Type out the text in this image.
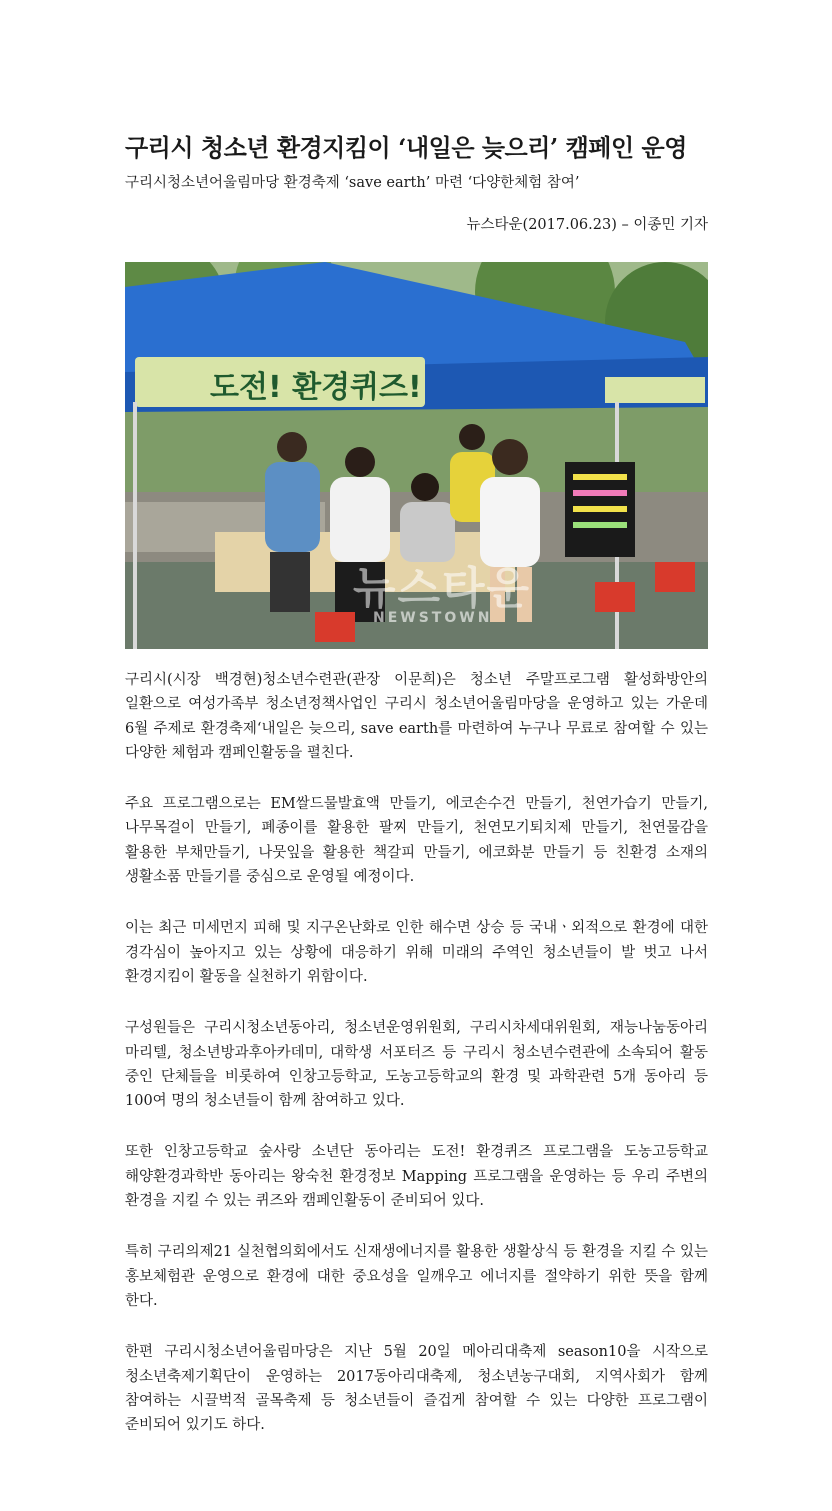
구리시 청소년 환경지킴이 ‘내일은 늦으리’ 캠페인 운영
구리시청소년어울림마당 환경축제 ‘save earth’ 마련 ‘다양한체험 참여’
뉴스타운(2017.06.23) – 이종민 기자
도전! 환경퀴즈!
뉴스타운
NEWSTOWN

구리시(시장 백경현)청소년수련관(관장 이문희)은 청소년 주말프로그램 활성화방안의 일환으로 여성가족부 청소년정책사업인 구리시 청소년어울림마당을 운영하고 있는 가운데 6월 주제로 환경축제‘내일은 늦으리, save earth를 마련하여 누구나 무료로 참여할 수 있는 다양한 체험과 캠페인활동을 펼친다.

주요 프로그램으로는 EM쌀드물발효액 만들기, 에코손수건 만들기, 천연가습기 만들기, 나무목걸이 만들기, 폐종이를 활용한 팔찌 만들기, 천연모기퇴치제 만들기, 천연물감을 활용한 부채만들기, 나뭇잎을 활용한 책갈피 만들기, 에코화분 만들기 등 친환경 소재의 생활소품 만들기를 중심으로 운영될 예정이다.

이는 최근 미세먼지 피해 및 지구온난화로 인한 해수면 상승 등 국내ㆍ외적으로 환경에 대한 경각심이 높아지고 있는 상황에 대응하기 위해 미래의 주역인 청소년들이 발 벗고 나서 환경지킴이 활동을 실천하기 위함이다.

구성원들은 구리시청소년동아리, 청소년운영위원회, 구리시차세대위원회, 재능나눔동아리 마리텔, 청소년방과후아카데미, 대학생 서포터즈 등 구리시 청소년수련관에 소속되어 활동 중인 단체들을 비롯하여 인창고등학교, 도농고등학교의 환경 및 과학관련 5개 동아리 등 100여 명의 청소년들이 함께 참여하고 있다.

또한 인창고등학교 숲사랑 소년단 동아리는 도전! 환경퀴즈 프로그램을 도농고등학교 해양환경과학반 동아리는 왕숙천 환경정보 Mapping 프로그램을 운영하는 등 우리 주변의 환경을 지킬 수 있는 퀴즈와 캠페인활동이 준비되어 있다.

특히 구리의제21 실천협의회에서도 신재생에너지를 활용한 생활상식 등 환경을 지킬 수 있는 홍보체험관 운영으로 환경에 대한 중요성을 일깨우고 에너지를 절약하기 위한 뜻을 함께 한다.

한편 구리시청소년어울림마당은 지난 5월 20일 메아리대축제 season10을 시작으로 청소년축제기획단이 운영하는 2017동아리대축제, 청소년농구대회, 지역사회가 함께 참여하는 시끌벅적 골목축제 등 청소년들이 즐겁게 참여할 수 있는 다양한 프로그램이 준비되어 있기도 하다.
